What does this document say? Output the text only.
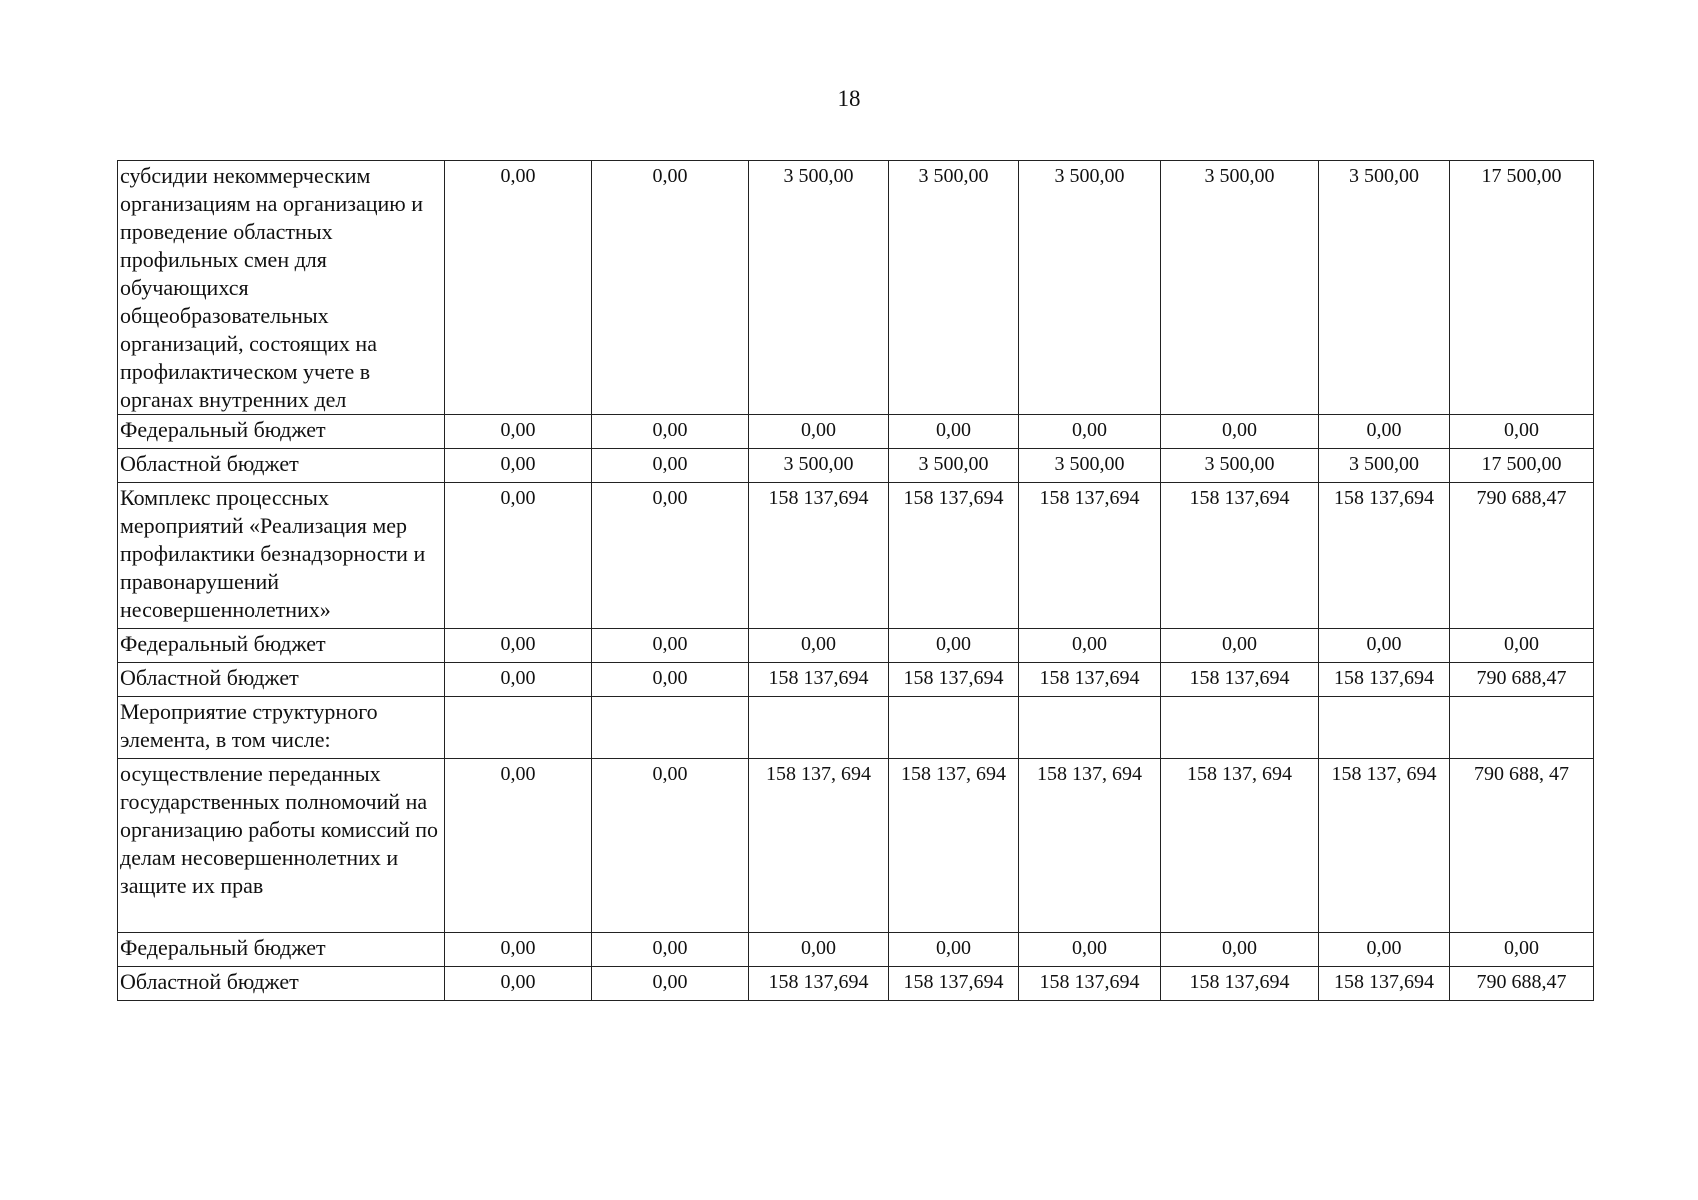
18
субсидии некоммерческим организациям на организацию и проведение областных профильных смен для обучающихся общеобразовательных организаций, состоящих на профилактическом учете в органах внутренних дел	0,00	0,00	3 500,00	3 500,00	3 500,00	3 500,00	3 500,00	17 500,00
Федеральный бюджет	0,00	0,00	0,00	0,00	0,00	0,00	0,00	0,00
Областной бюджет	0,00	0,00	3 500,00	3 500,00	3 500,00	3 500,00	3 500,00	17 500,00
Комплекс процессных мероприятий «Реализация мер профилактики безнадзорности и правонарушений несовершеннолетних»	0,00	0,00	158 137,694	158 137,694	158 137,694	158 137,694	158 137,694	790 688,47
Федеральный бюджет	0,00	0,00	0,00	0,00	0,00	0,00	0,00	0,00
Областной бюджет	0,00	0,00	158 137,694	158 137,694	158 137,694	158 137,694	158 137,694	790 688,47
Мероприятие структурного элемента, в том числе:								
осуществление переданных государственных полномочий на организацию работы комиссий по делам несовершеннолетних и защите их прав	0,00	0,00	158 137, 694	158 137, 694	158 137, 694	158 137, 694	158 137, 694	790 688, 47
Федеральный бюджет	0,00	0,00	0,00	0,00	0,00	0,00	0,00	0,00
Областной бюджет	0,00	0,00	158 137,694	158 137,694	158 137,694	158 137,694	158 137,694	790 688,47
